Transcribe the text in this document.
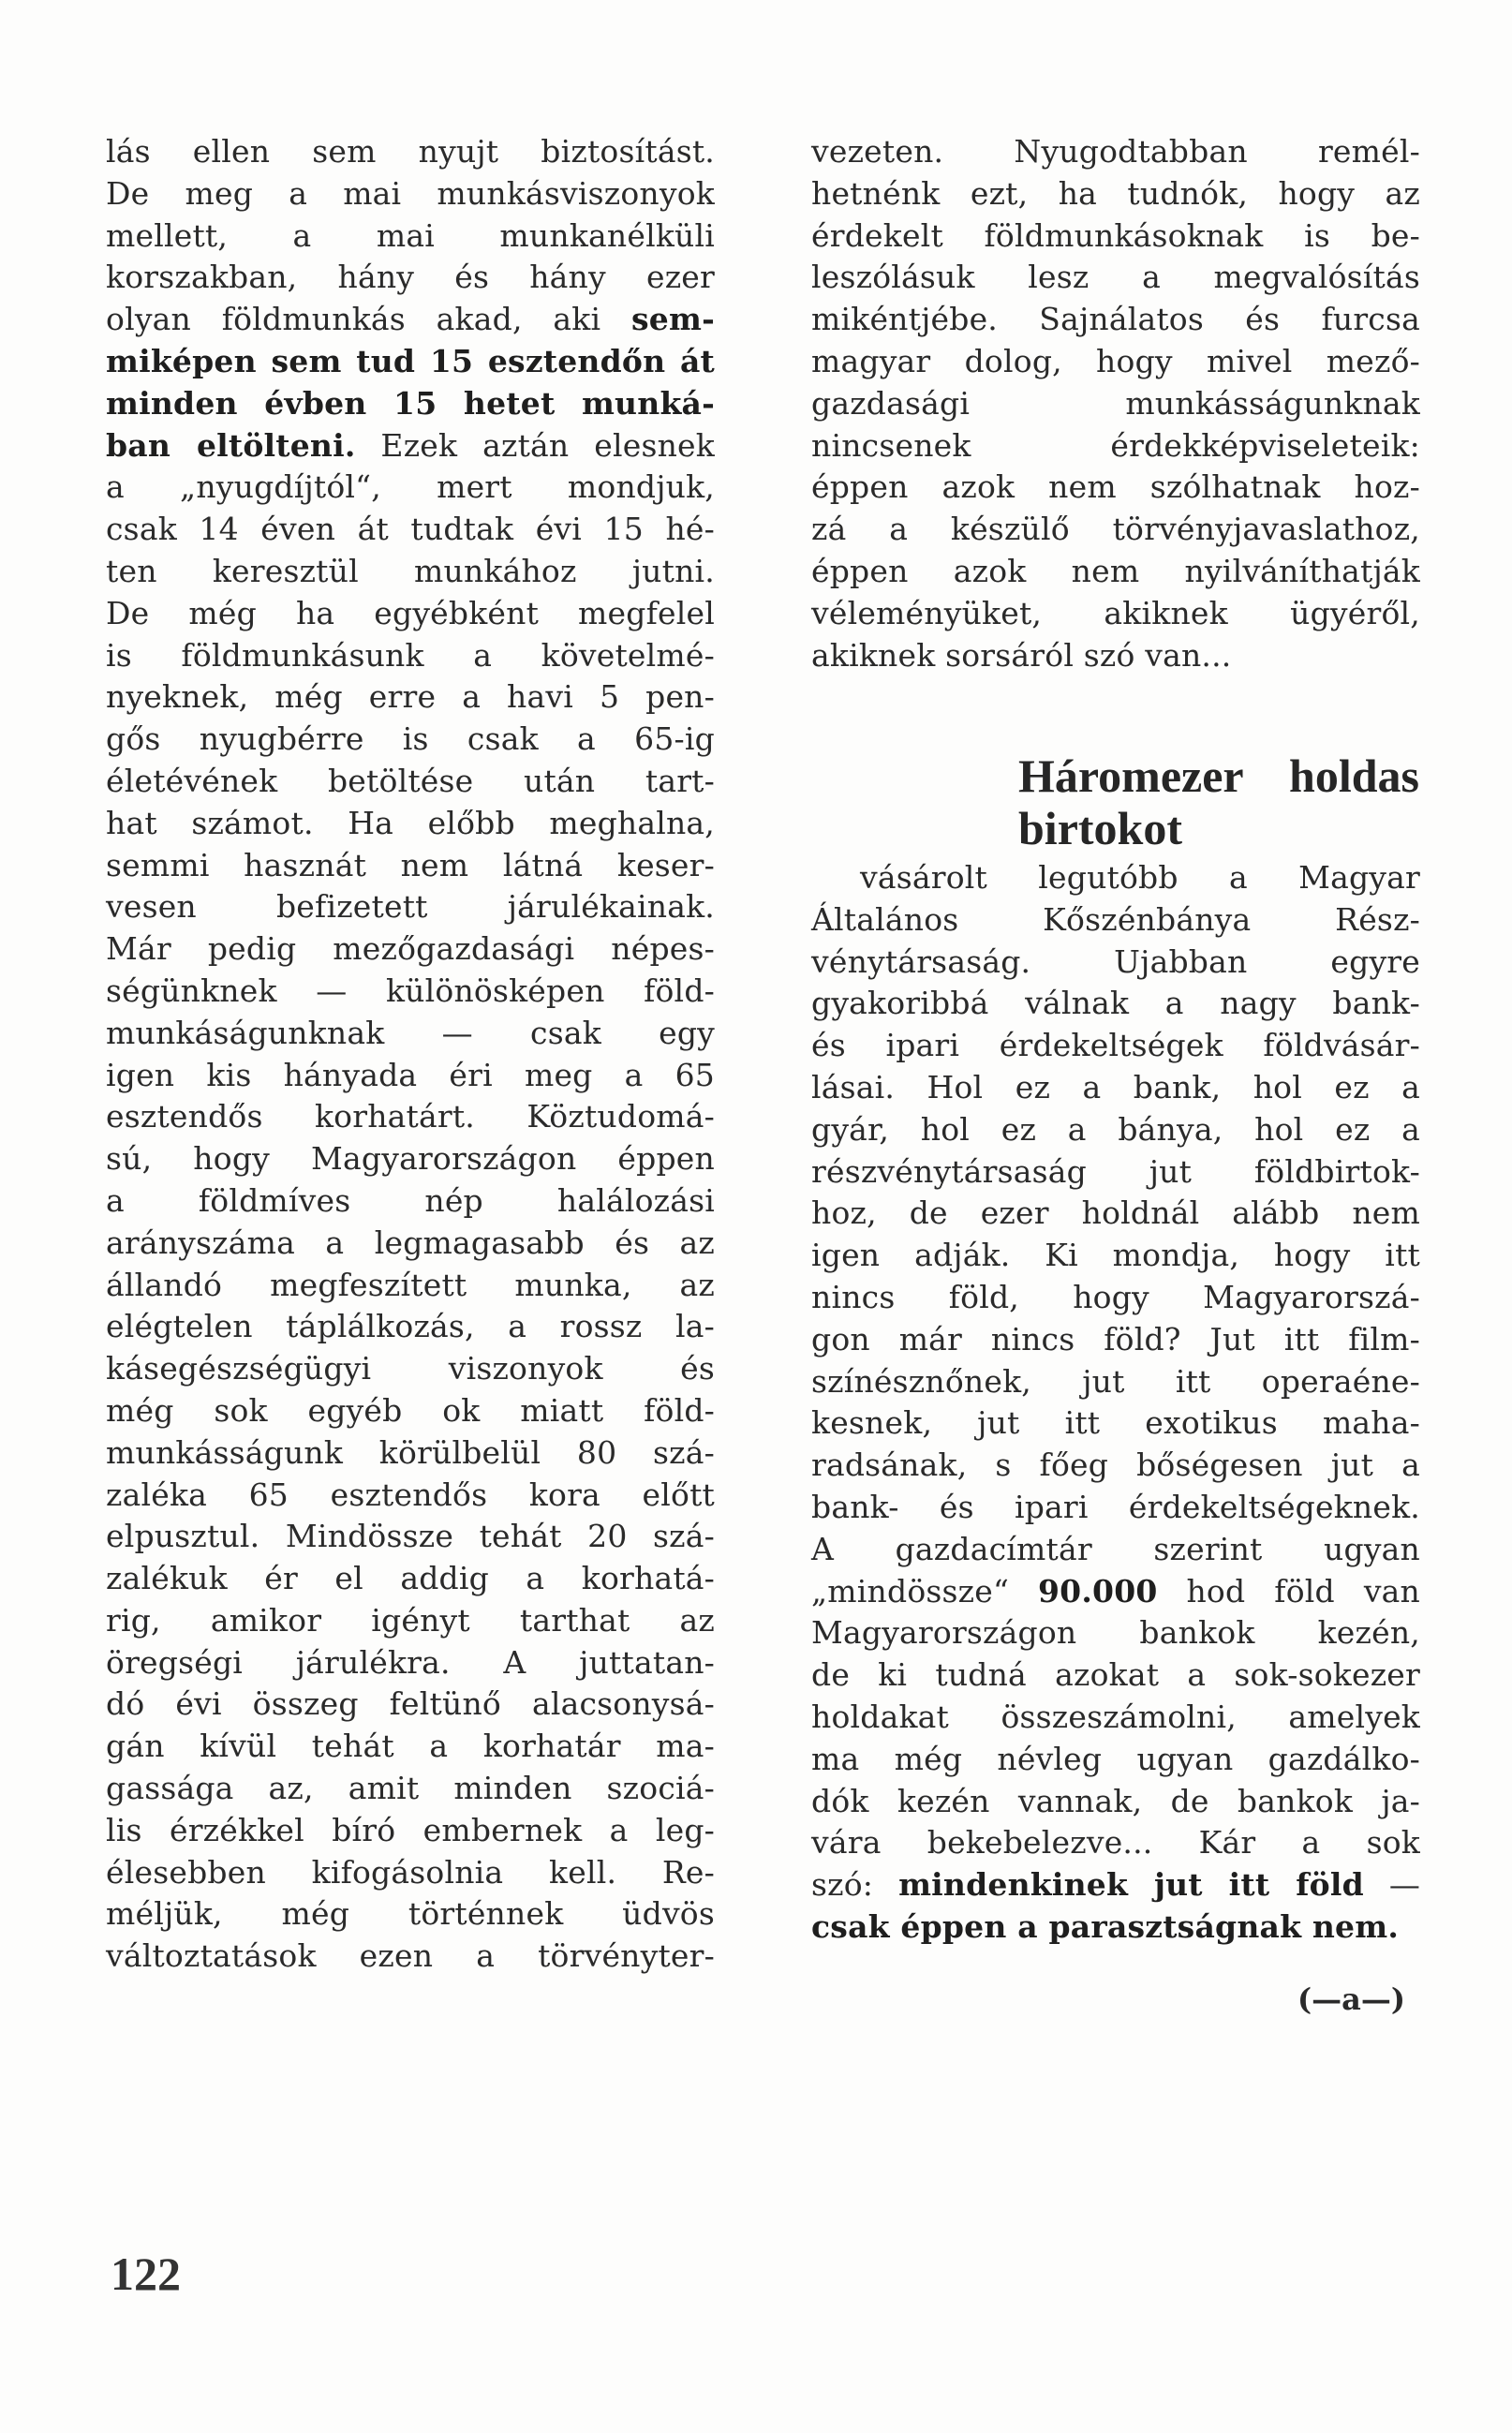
lás ellen sem nyujt biztosítást.
De meg a mai munkásviszonyok
mellett, a mai munkanélküli
korszakban, hány és hány ezer
olyan földmunkás akad, aki sem-
miképen sem tud 15 esztendőn át
minden évben 15 hetet munká-
ban eltölteni. Ezek aztán elesnek
a „nyugdíjtól“, mert mondjuk,
csak 14 éven át tudtak évi 15 hé-
ten keresztül munkához jutni.
De még ha egyébként megfelel
is földmunkásunk a követelmé-
nyeknek, még erre a havi 5 pen-
gős nyugbérre is csak a 65-ig
életévének betöltése után tart-
hat számot. Ha előbb meghalna,
semmi hasznát nem látná keser-
vesen befizetett járulékainak.
Már pedig mezőgazdasági népes-
ségünknek — különösképen föld-
munkáságunknak — csak egy
igen kis hányada éri meg a 65
esztendős korhatárt. Köztudomá-
sú, hogy Magyarországon éppen
a földmíves nép halálozási
arányszáma a legmagasabb és az
állandó megfeszített munka, az
elégtelen táplálkozás, a rossz la-
kásegészségügyi viszonyok és
még sok egyéb ok miatt föld-
munkásságunk körülbelül 80 szá-
zaléka 65 esztendős kora előtt
elpusztul. Mindössze tehát 20 szá-
zalékuk ér el addig a korhatá-
rig, amikor igényt tarthat az
öregségi járulékra. A juttatan-
dó évi összeg feltünő alacsonysá-
gán kívül tehát a korhatár ma-
gassága az, amit minden szociá-
lis érzékkel bíró embernek a leg-
élesebben kifogásolnia kell. Re-
méljük, még történnek üdvös
változtatások ezen a törvényter-
vezeten. Nyugodtabban remél-
hetnénk ezt, ha tudnók, hogy az
érdekelt földmunkásoknak is be-
leszólásuk lesz a megvalósítás
mikéntjébe. Sajnálatos és furcsa
magyar dolog, hogy mivel mező-
gazdasági munkásságunknak
nincsenek érdekképviseleteik:
éppen azok nem szólhatnak hoz-
zá a készülő törvényjavaslathoz,
éppen azok nem nyilváníthatják
véleményüket, akiknek ügyéről,
akiknek sorsáról szó van...
Háromezer holdas
birtokot
vásárolt legutóbb a Magyar
Általános Kőszénbánya Rész-
vénytársaság. Ujabban egyre
gyakoribbá válnak a nagy bank-
és ipari érdekeltségek földvásár-
lásai. Hol ez a bank, hol ez a
gyár, hol ez a bánya, hol ez a
részvénytársaság jut földbirtok-
hoz, de ezer holdnál alább nem
igen adják. Ki mondja, hogy itt
nincs föld, hogy Magyarorszá-
gon már nincs föld? Jut itt film-
színésznőnek, jut itt operaéne-
kesnek, jut itt exotikus maha-
radsának, s főeg bőségesen jut a
bank- és ipari érdekeltségeknek.
A gazdacímtár szerint ugyan
„mindössze“ 90.000 hod föld van
Magyarországon bankok kezén,
de ki tudná azokat a sok-sokezer
holdakat összeszámolni, amelyek
ma még névleg ugyan gazdálko-
dók kezén vannak, de bankok ja-
vára bekebelezve... Kár a sok
szó: mindenkinek jut itt föld —
csak éppen a parasztságnak nem.
(—a—)
122
